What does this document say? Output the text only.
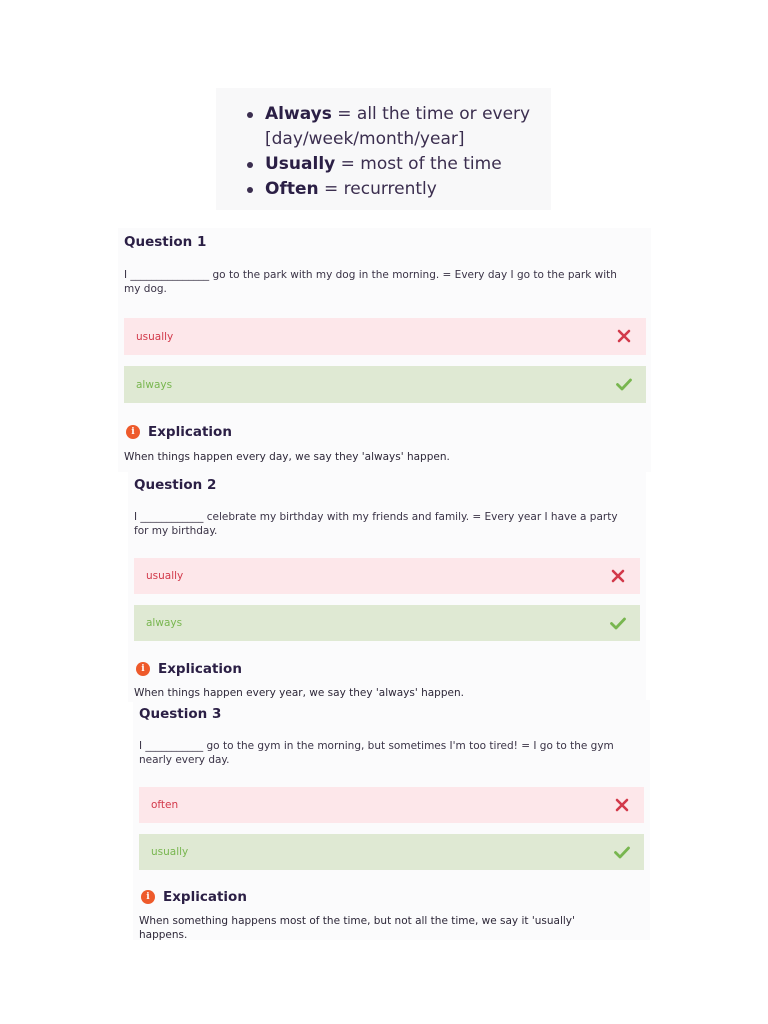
Always = all the time or every [day/week/month/year]
Usually = most of the time
Often = recurrently
Question 1
I _______________ go to the park with my dog in the morning. = Every day I go to the park with my dog.
usually
always
i Explication
When things happen every day, we say they 'always' happen.
Question 2
I ____________ celebrate my birthday with my friends and family. = Every year I have a party for my birthday.
usually
always
i Explication
When things happen every year, we say they 'always' happen.
Question 3
I ___________ go to the gym in the morning, but sometimes I'm too tired! = I go to the gym nearly every day.
often
usually
i Explication
When something happens most of the time, but not all the time, we say it 'usually' happens.
